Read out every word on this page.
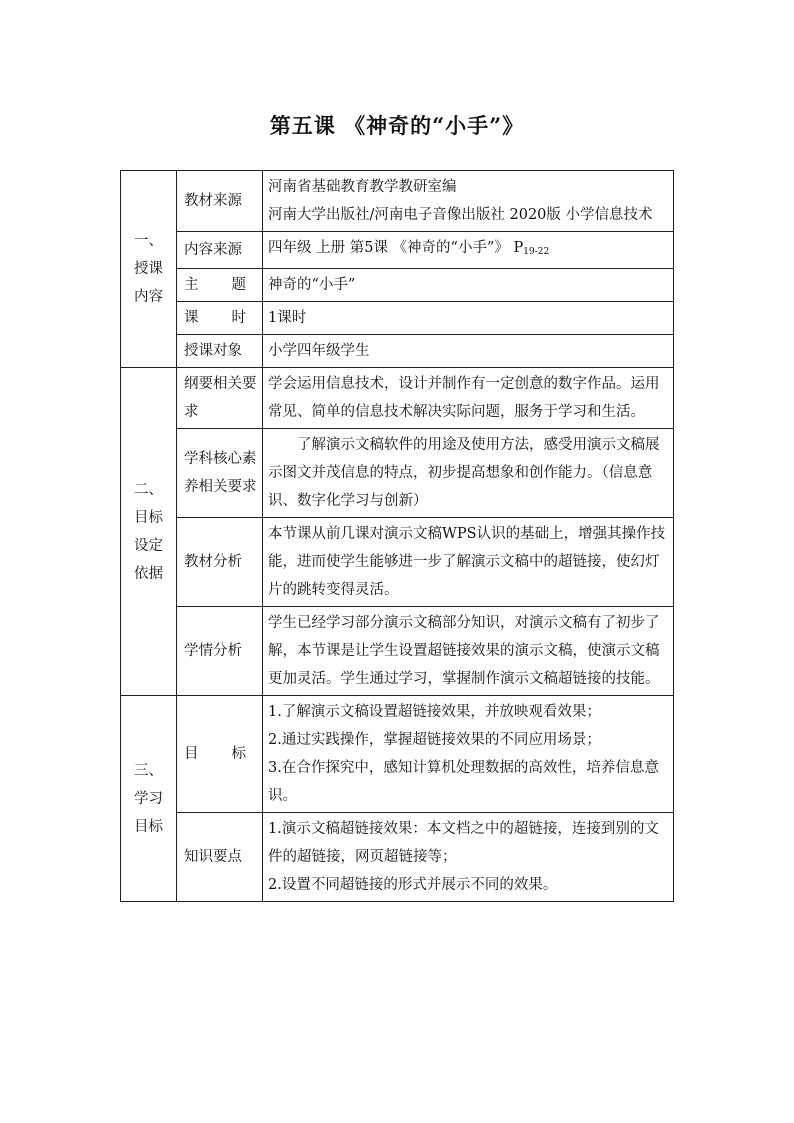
第五课 《神奇的“小手”》
一、
授课
内容	教材来源	河南省基础教育教学教研室编
河南大学出版社/河南电子音像出版社 2020版 小学信息技术

	内容来源	四年级 上册 第5课 《神奇的“小手”》 $P_{19-22}$

	主 题	神奇的“小手”

	课 时	1课时
	授课对象	小学四年级学生

二、
目标
设定
依据	纲要相关要求	学会运用信息技术，设计并制作有一定创意的数字作品。运用常见、简单的信息技术解决实际问题，服务于学习和生活。
	学科核心素养相关要求	了解演示文稿软件的用途及使用方法，感受用演示文稿展示图文并茂信息的特点，初步提高想象和创作能力。（信息意识、数字化学习与创新）
	教材分析	本节课从前几课对演示文稿WPS认识的基础上，增强其操作技能，进而使学生能够进一步了解演示文稿中的超链接，使幻灯片的跳转变得灵活。
	学情分析	学生已经学习部分演示文稿部分知识，对演示文稿有了初步了解，本节课是让学生设置超链接效果的演示文稿，使演示文稿更加灵活。学生通过学习，掌握制作演示文稿超链接的技能。

三、
学习
目标	目 标	1.了解演示文稿设置超链接效果，并放映观看效果；
2.通过实践操作，掌握超链接效果的不同应用场景；
3.在合作探究中，感知计算机处理数据的高效性，培养信息意识。

	知识要点	1.演示文稿超链接效果：本文档之中的超链接，连接到别的文件的超链接，网页超链接等；
2.设置不同超链接的形式并展示不同的效果。
